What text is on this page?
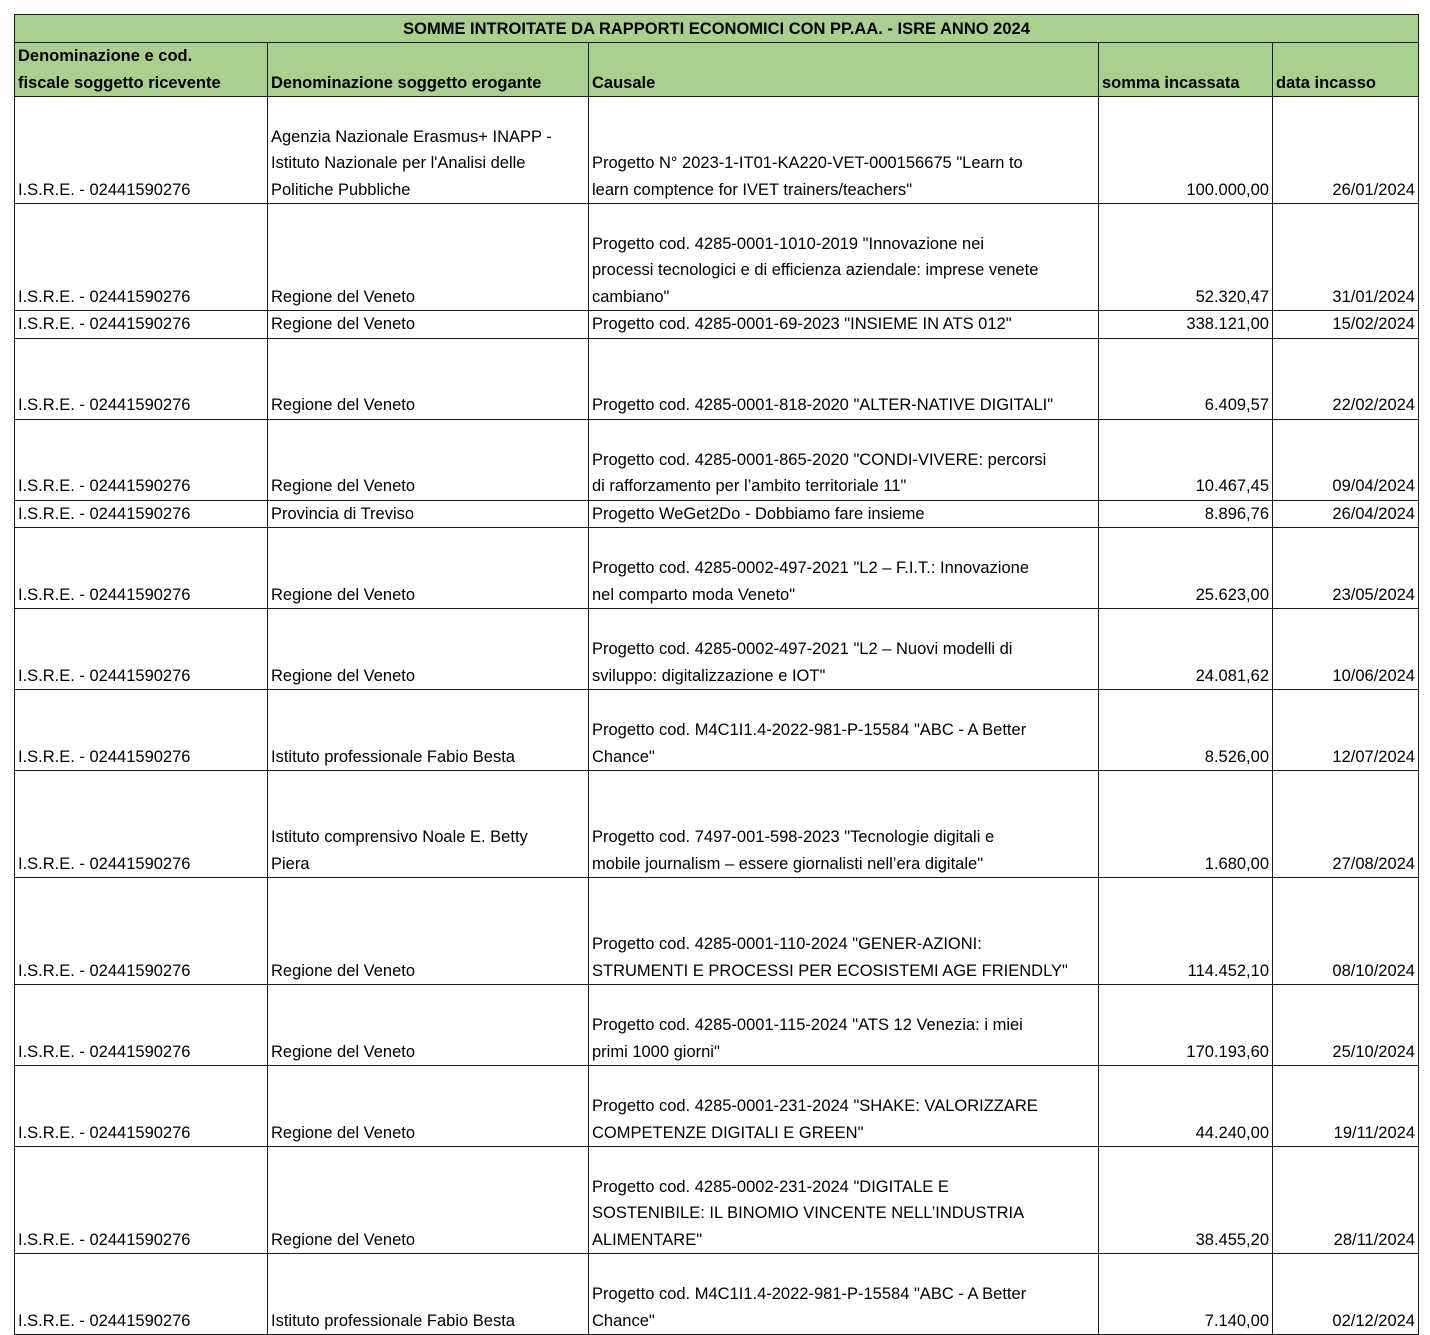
SOMME INTROITATE DA RAPPORTI ECONOMICI CON PP.AA. - ISRE ANNO 2024				
Denominazione e cod.
fiscale soggetto ricevente	Denominazione soggetto erogante	Causale	somma incassata	data incasso
I.S.R.E. - 02441590276	Agenzia Nazionale Erasmus+ INAPP -
Istituto Nazionale per l'Analisi delle
Politiche Pubbliche	Progetto N° 2023-1-IT01-KA220-VET-000156675 "Learn to
learn comptence for IVET trainers/teachers"	100.000,00	26/01/2024
I.S.R.E. - 02441590276	Regione del Veneto	Progetto cod. 4285-0001-1010-2019 "Innovazione nei
processi tecnologici e di efficienza aziendale: imprese venete
cambiano"	52.320,47	31/01/2024
I.S.R.E. - 02441590276	Regione del Veneto	Progetto cod. 4285-0001-69-2023 "INSIEME IN ATS 012"	338.121,00	15/02/2024
I.S.R.E. - 02441590276	Regione del Veneto	Progetto cod. 4285-0001-818-2020 "ALTER-NATIVE DIGITALI"	6.409,57	22/02/2024
I.S.R.E. - 02441590276	Regione del Veneto	Progetto cod. 4285-0001-865-2020 "CONDI-VIVERE: percorsi
di rafforzamento per l’ambito territoriale 11"	10.467,45	09/04/2024
I.S.R.E. - 02441590276	Provincia di Treviso	Progetto WeGet2Do - Dobbiamo fare insieme	8.896,76	26/04/2024
I.S.R.E. - 02441590276	Regione del Veneto	Progetto cod. 4285-0002-497-2021 "L2 – F.I.T.: Innovazione
nel comparto moda Veneto"	25.623,00	23/05/2024
I.S.R.E. - 02441590276	Regione del Veneto	Progetto cod. 4285-0002-497-2021 "L2 – Nuovi modelli di
sviluppo: digitalizzazione e IOT"	24.081,62	10/06/2024
I.S.R.E. - 02441590276	Istituto professionale Fabio Besta	Progetto cod. M4C1I1.4-2022-981-P-15584 "ABC - A Better
Chance"	8.526,00	12/07/2024
I.S.R.E. - 02441590276	Istituto comprensivo Noale E. Betty
Piera	Progetto cod. 7497-001-598-2023 "Tecnologie digitali e
mobile journalism – essere giornalisti nell’era digitale"	1.680,00	27/08/2024
I.S.R.E. - 02441590276	Regione del Veneto	Progetto cod. 4285-0001-110-2024 "GENER-AZIONI:
STRUMENTI E PROCESSI PER ECOSISTEMI AGE FRIENDLY"	114.452,10	08/10/2024
I.S.R.E. - 02441590276	Regione del Veneto	Progetto cod. 4285-0001-115-2024 "ATS 12 Venezia: i miei
primi 1000 giorni"	170.193,60	25/10/2024
I.S.R.E. - 02441590276	Regione del Veneto	Progetto cod. 4285-0001-231-2024 "SHAKE: VALORIZZARE
COMPETENZE DIGITALI E GREEN"	44.240,00	19/11/2024
I.S.R.E. - 02441590276	Regione del Veneto	Progetto cod. 4285-0002-231-2024 "DIGITALE E
SOSTENIBILE: IL BINOMIO VINCENTE NELL’INDUSTRIA
ALIMENTARE"	38.455,20	28/11/2024
I.S.R.E. - 02441590276	Istituto professionale Fabio Besta	Progetto cod. M4C1I1.4-2022-981-P-15584 "ABC - A Better
Chance"	7.140,00	02/12/2024
